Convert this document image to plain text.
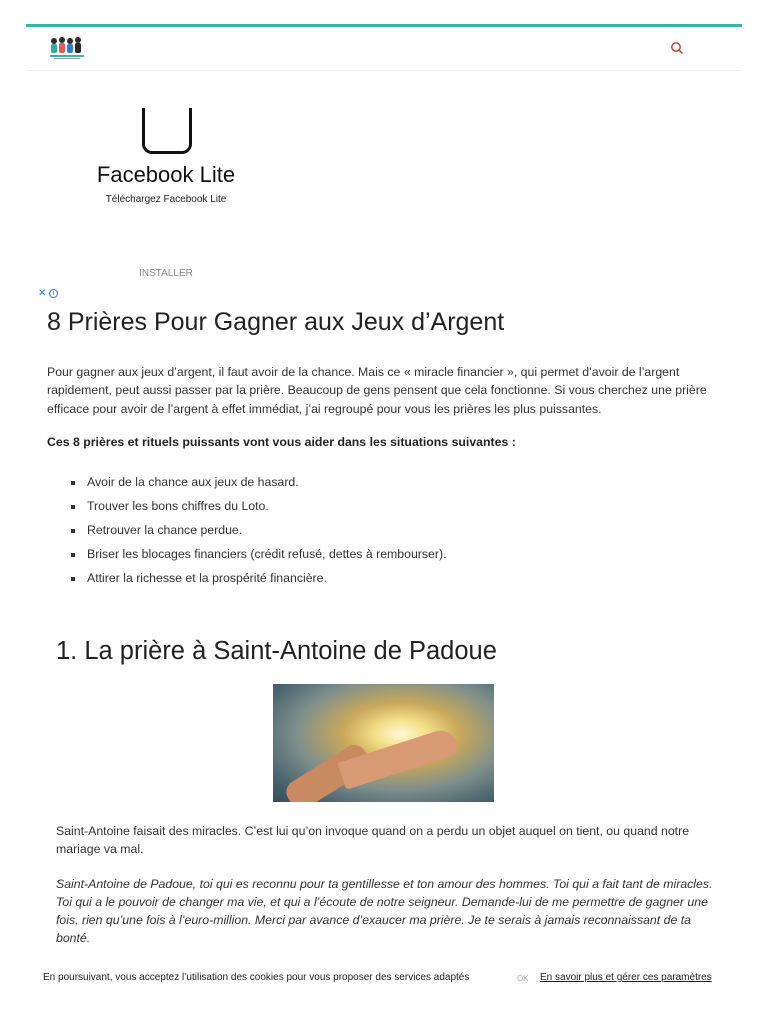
Facebook Lite
Téléchargez Facebook Lite
INSTALLER
✕ i
8 Prières Pour Gagner aux Jeux d’Argent

Pour gagner aux jeux d’argent, il faut avoir de la chance. Mais ce « miracle financier », qui permet d’avoir de l’argent rapidement, peut aussi passer par la prière. Beaucoup de gens pensent que cela fonctionne. Si vous cherchez une prière efficace pour avoir de l’argent à effet immédiat, j’ai regroupé pour vous les prières les plus puissantes.

Ces 8 prières et rituels puissants vont vous aider dans les situations suivantes :

Avoir de la chance aux jeux de hasard.
Trouver les bons chiffres du Loto.
Retrouver la chance perdue.
Briser les blocages financiers (crédit refusé, dettes à rembourser).
Attirer la richesse et la prospérité financière.
1. La prière à Saint-Antoine de Padoue

Saint-Antoine faisait des miracles. C’est lui qu’on invoque quand on a perdu un objet auquel on tient, ou quand notre mariage va mal.

Saint-Antoine de Padoue, toi qui es reconnu pour ta gentillesse et ton amour des hommes. Toi qui a fait tant de miracles. Toi qui a le pouvoir de changer ma vie, et qui a l’écoute de notre seigneur. Demande-lui de me permettre de gagner une fois, rien qu’une fois à l’euro-million. Merci par avance d’exaucer ma prière. Je te serais à jamais reconnaissant de ta bonté.

En poursuivant, vous acceptez l’utilisation des cookies pour vous proposer des services adaptés	OK En savoir plus et gérer ces paramètres
